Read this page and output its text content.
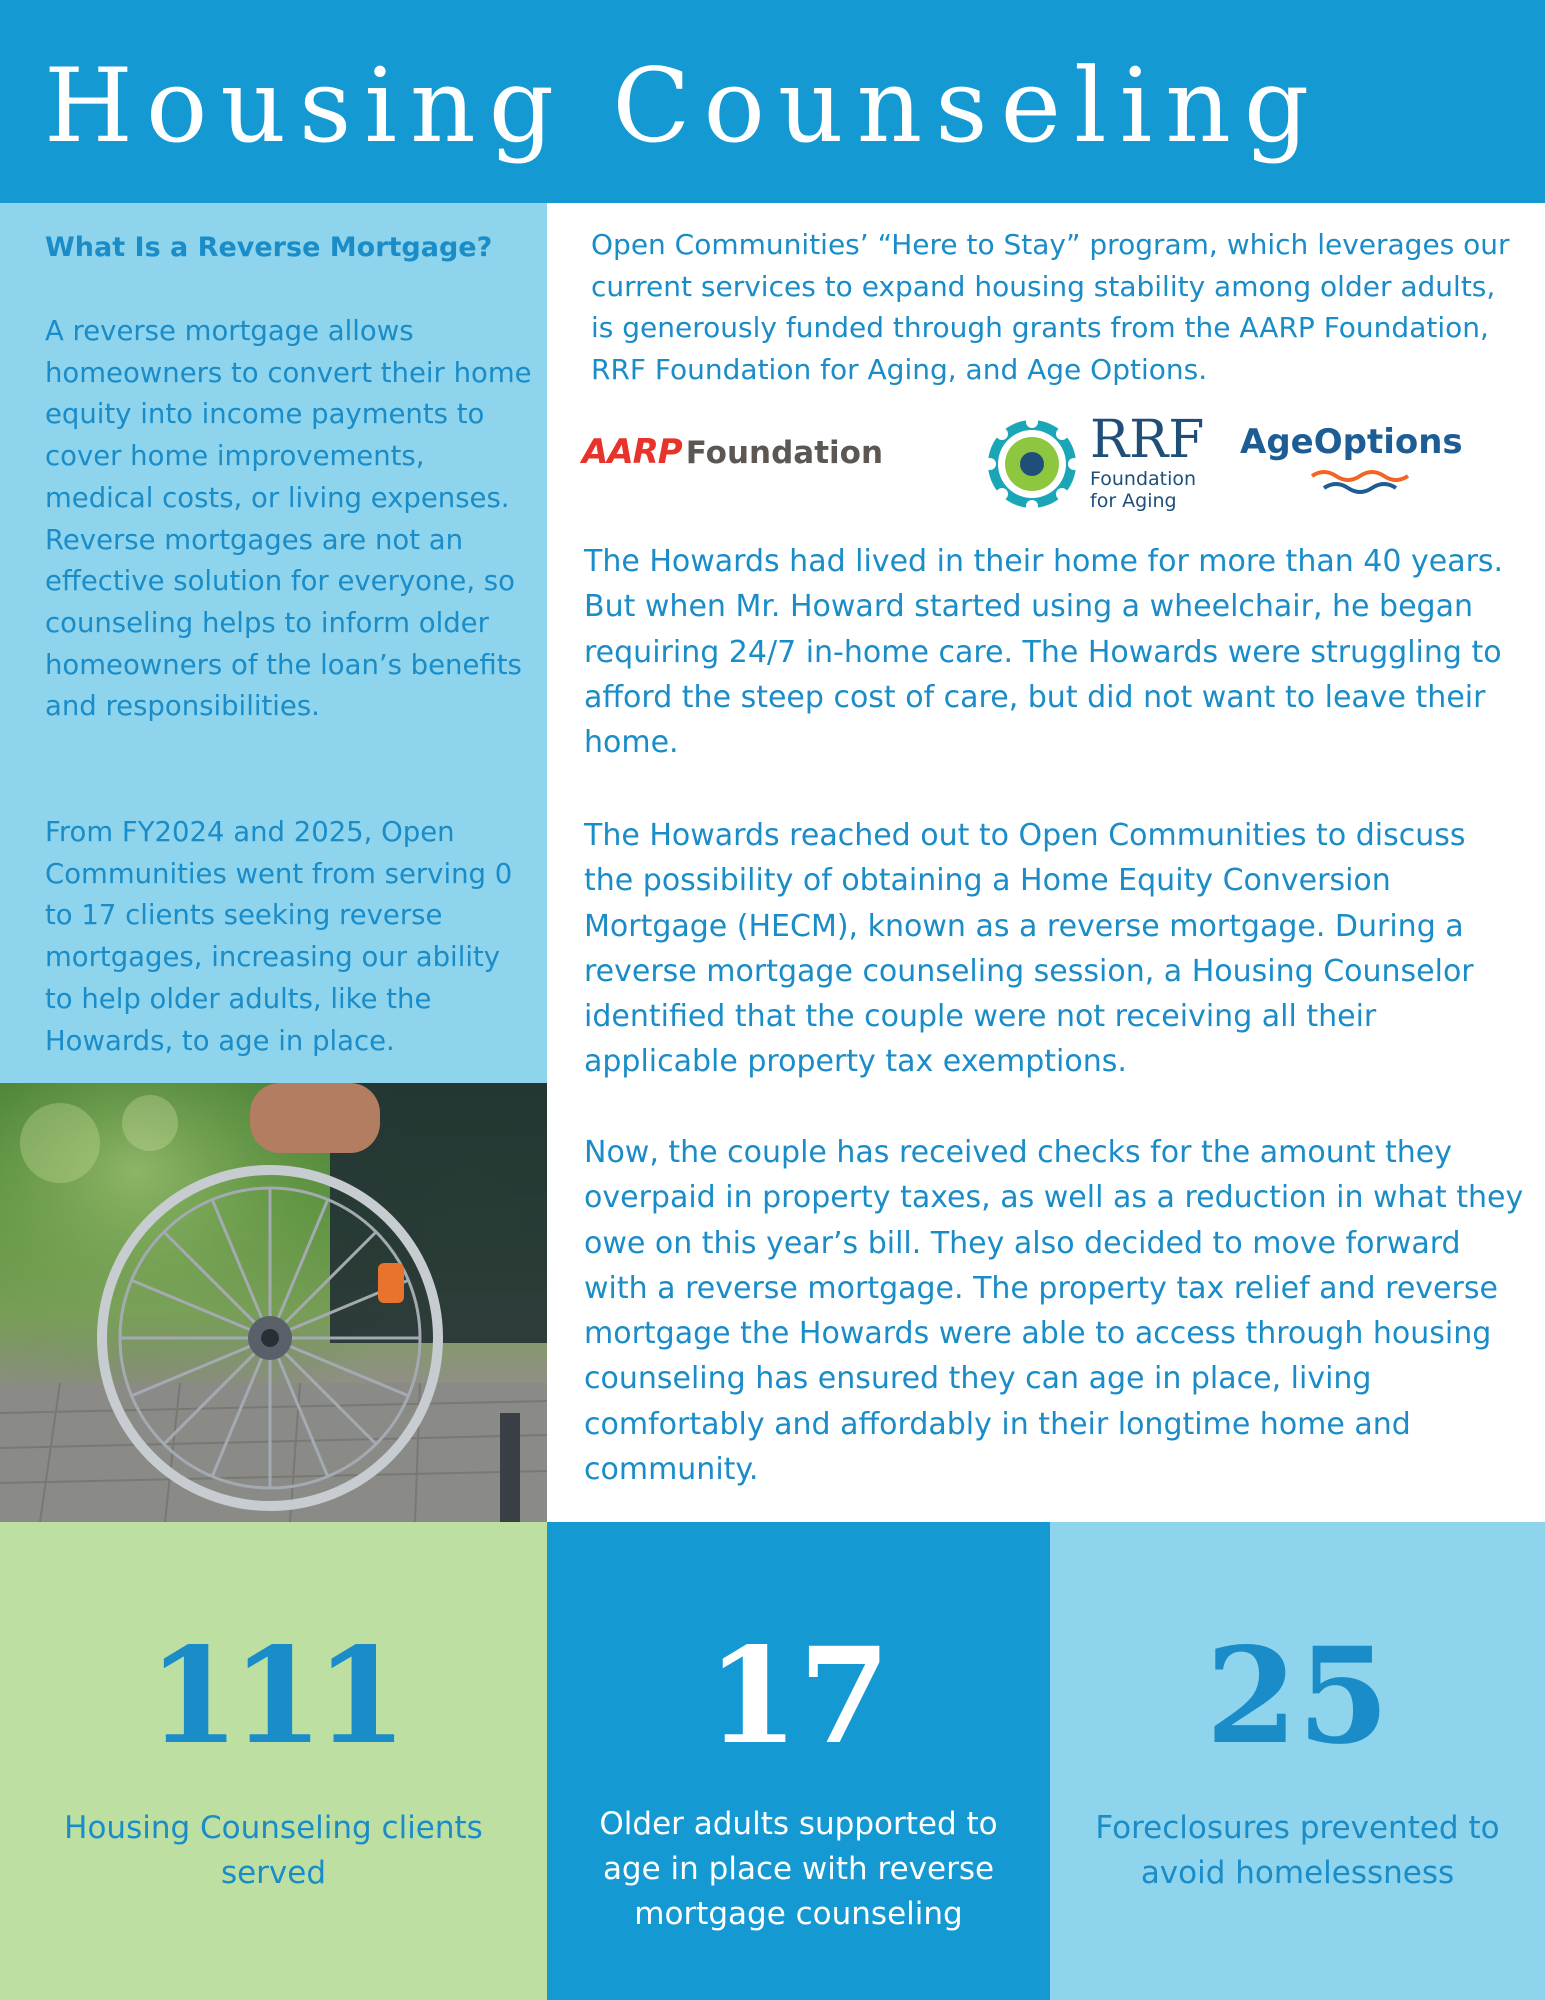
Housing Counseling
What Is a Reverse Mortgage?

A reverse mortgage allows homeowners to convert their home equity into income payments to cover home improvements, medical costs, or living expenses. Reverse mortgages are not an effective solution for everyone, so counseling helps to inform older homeowners of the loan’s benefits and responsibilities.

From FY2024 and 2025, Open Communities went from serving 0 to 17 clients seeking reverse mortgages, increasing our ability to help older adults, like the Howards, to age in place.

Open Communities’ “Here to Stay” program, which leverages our current services to expand housing stability among older adults, is generously funded through grants from the AARP Foundation, RRF Foundation for Aging, and Age Options.

AARP Foundation	RRF
Foundation
for Aging
AgeOptions

The Howards had lived in their home for more than 40 years. But when Mr. Howard started using a wheelchair, he began requiring 24/7 in-home care. The Howards were struggling to afford the steep cost of care, but did not want to leave their home.

The Howards reached out to Open Communities to discuss the possibility of obtaining a Home Equity Conversion Mortgage (HECM), known as a reverse mortgage. During a reverse mortgage counseling session, a Housing Counselor identified that the couple were not receiving all their applicable property tax exemptions.

Now, the couple has received checks for the amount they overpaid in property taxes, as well as a reduction in what they owe on this year’s bill. They also decided to move forward with a reverse mortgage. The property tax relief and reverse mortgage the Howards were able to access through housing counseling has ensured they can age in place, living comfortably and affordably in their longtime home and community.

111
Housing Counseling clients served
17
Older adults supported to age in place with reverse mortgage counseling
25
Foreclosures prevented to avoid homelessness
